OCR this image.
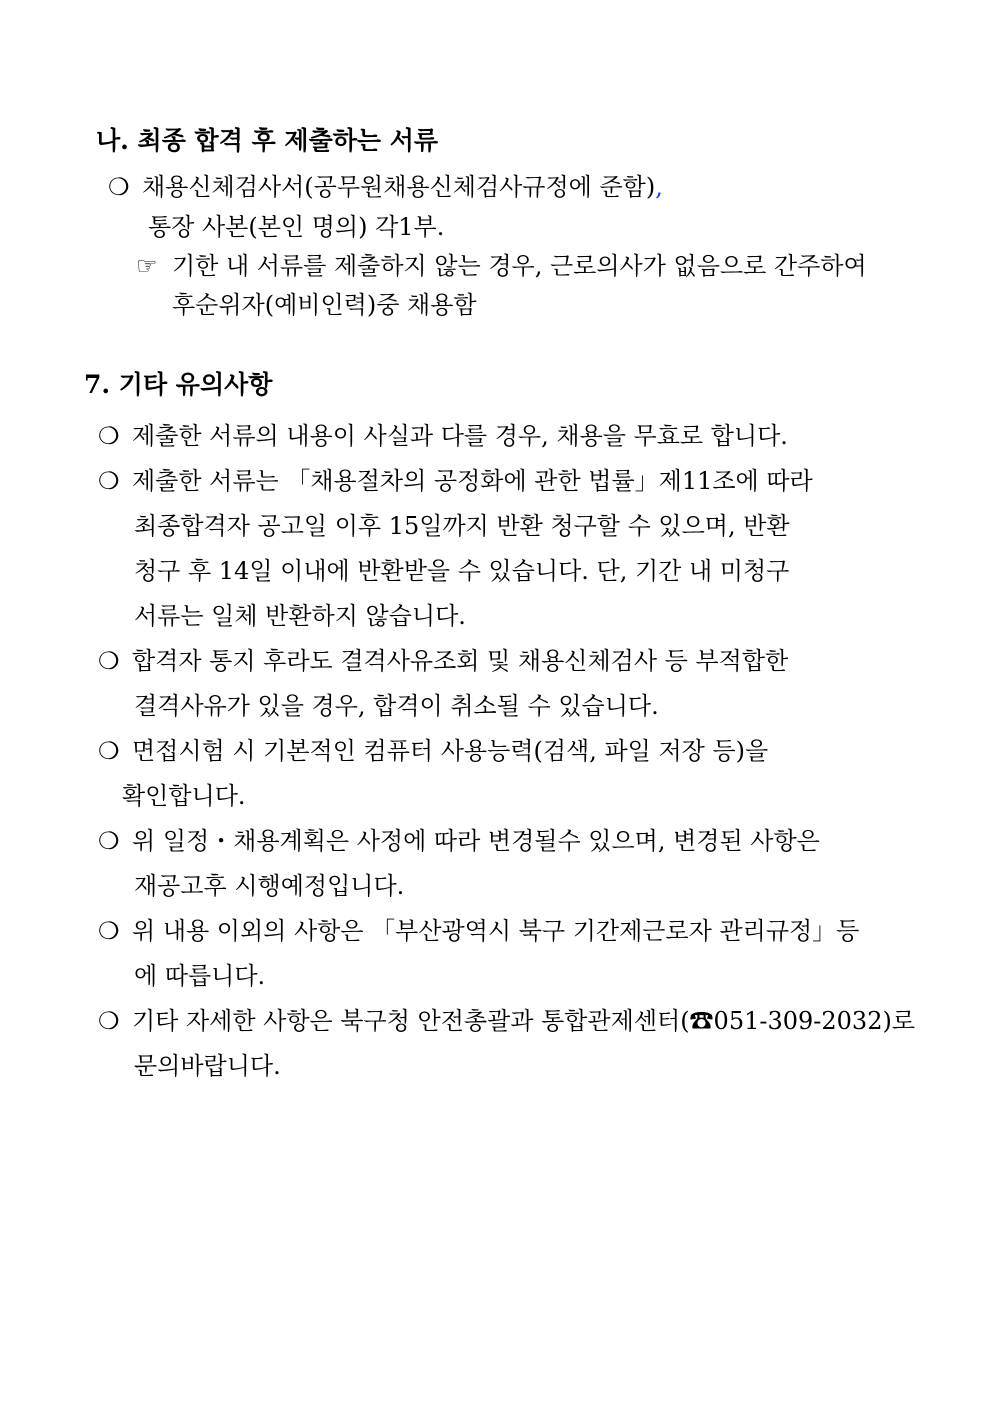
나. 최종 합격 후 제출하는 서류
❍ 채용신체검사서(공무원채용신체검사규정에 준함),
통장 사본(본인 명의) 각1부.
☞ 기한 내 서류를 제출하지 않는 경우, 근로의사가 없음으로 간주하여
후순위자(예비인력)중 채용함
7. 기타 유의사항
❍ 제출한 서류의 내용이 사실과 다를 경우, 채용을 무효로 합니다.
❍ 제출한 서류는 「채용절차의 공정화에 관한 법률」제11조에 따라
최종합격자 공고일 이후 15일까지 반환 청구할 수 있으며, 반환
청구 후 14일 이내에 반환받을 수 있습니다. 단, 기간 내 미청구
서류는 일체 반환하지 않습니다.
❍ 합격자 통지 후라도 결격사유조회 및 채용신체검사 등 부적합한
결격사유가 있을 경우, 합격이 취소될 수 있습니다.
❍ 면접시험 시 기본적인 컴퓨터 사용능력(검색, 파일 저장 등)을
확인합니다.
❍ 위 일정・채용계획은 사정에 따라 변경될수 있으며, 변경된 사항은
재공고후 시행예정입니다.
❍ 위 내용 이외의 사항은 「부산광역시 북구 기간제근로자 관리규정」등
에 따릅니다.
❍ 기타 자세한 사항은 북구청 안전총괄과 통합관제센터(☎051-309-2032)로
문의바랍니다.
